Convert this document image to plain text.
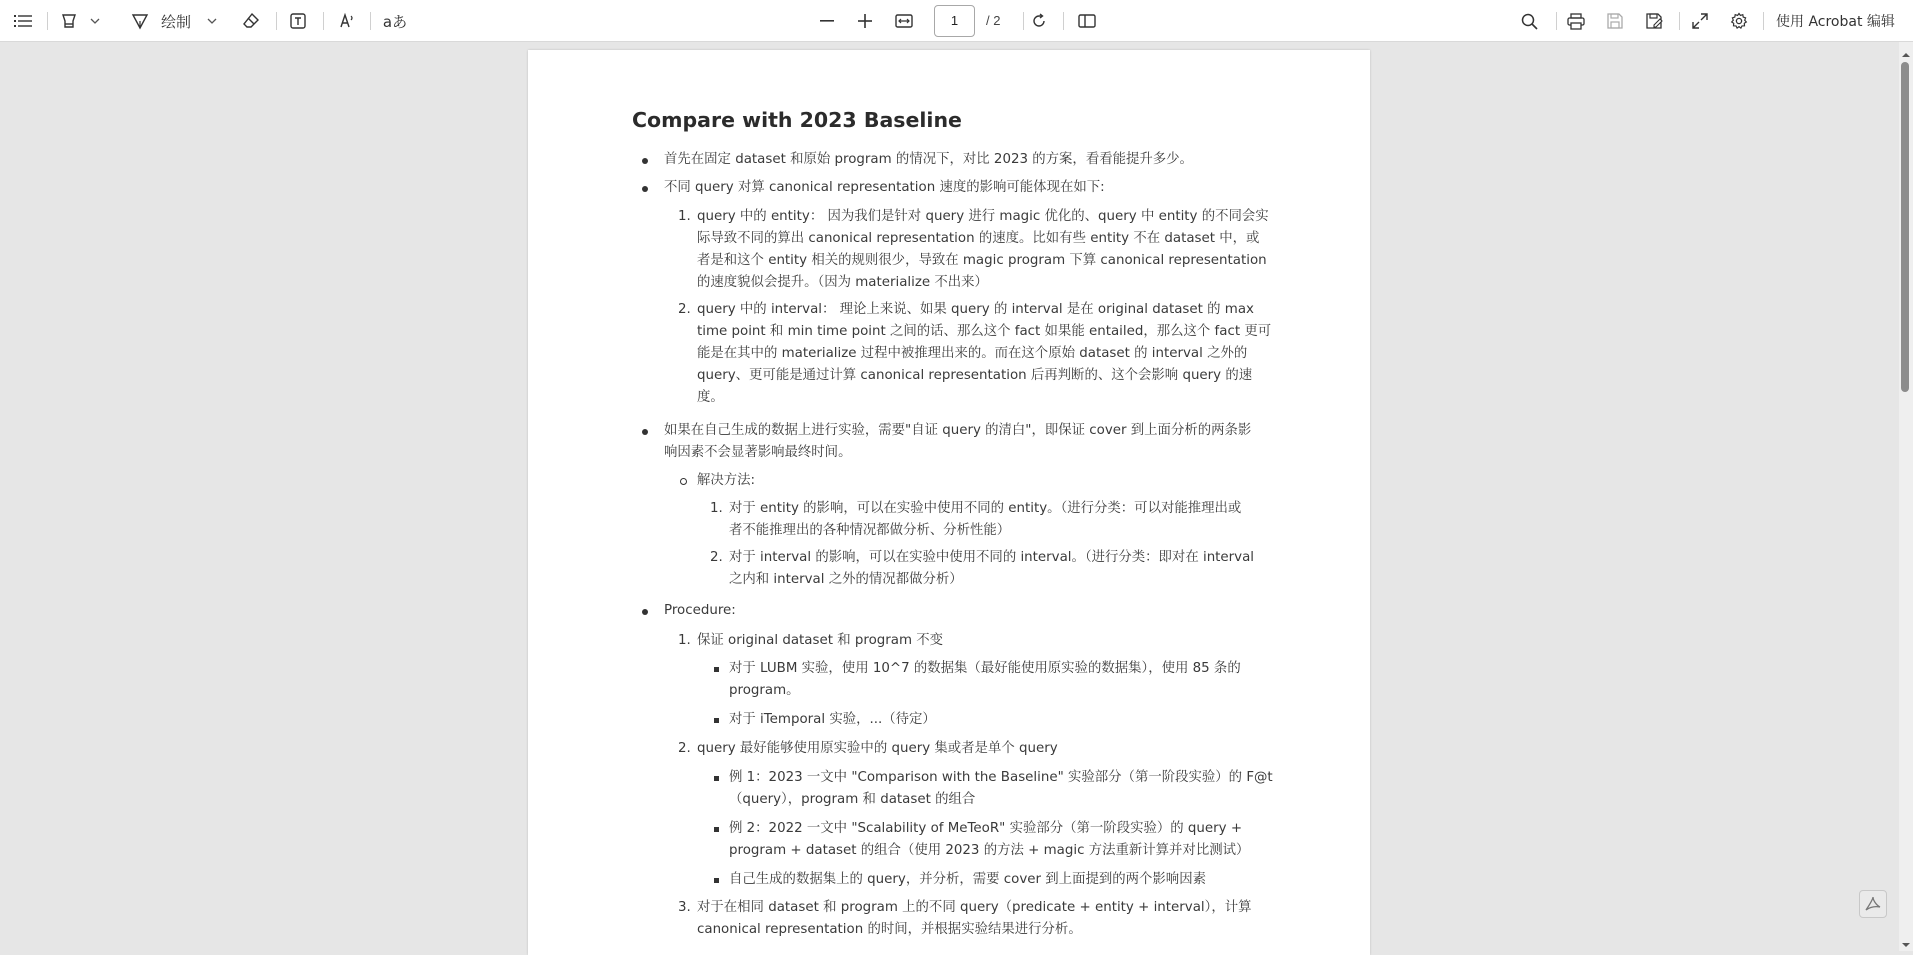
绘制	aあ	1	/ 2	使用 Acrobat 编辑
Compare with 2023 Baseline
首先在固定 dataset 和原始 program 的情况下，对比 2023 的方案，看看能提升多少。
不同 query 对算 canonical representation 速度的影响可能体现在如下:
1. query 中的 entity： 因为我们是针对 query 进行 magic 优化的、query 中 entity 的不同会实
际导致不同的算出 canonical representation 的速度。比如有些 entity 不在 dataset 中，或
者是和这个 entity 相关的规则很少，导致在 magic program 下算 canonical representation
的速度貌似会提升。（因为 materialize 不出来）
2. query 中的 interval： 理论上来说、如果 query 的 interval 是在 original dataset 的 max
time point 和 min time point 之间的话、那么这个 fact 如果能 entailed，那么这个 fact 更可
能是在其中的 materialize 过程中被推理出来的。而在这个原始 dataset 的 interval 之外的
query、更可能是通过计算 canonical representation 后再判断的、这个会影响 query 的速
度。
如果在自己生成的数据上进行实验，需要"自证 query 的清白"，即保证 cover 到上面分析的两条影
响因素不会显著影响最终时间。
解决方法:
1. 对于 entity 的影响，可以在实验中使用不同的 entity。（进行分类：可以对能推理出或
者不能推理出的各种情况都做分析、分析性能）
2. 对于 interval 的影响，可以在实验中使用不同的 interval。（进行分类：即对在 interval
之内和 interval 之外的情况都做分析）
Procedure:
1. 保证 original dataset 和 program 不变
对于 LUBM 实验，使用 10^7 的数据集（最好能使用原实验的数据集），使用 85 条的
program。
对于 iTemporal 实验，...（待定）
2. query 最好能够使用原实验中的 query 集或者是单个 query
例 1：2023 一文中 "Comparison with the Baseline" 实验部分（第一阶段实验）的 F@t
（query），program 和 dataset 的组合
例 2：2022 一文中 "Scalability of MeTeoR" 实验部分（第一阶段实验）的 query +
program + dataset 的组合（使用 2023 的方法 + magic 方法重新计算并对比测试）
自己生成的数据集上的 query，并分析，需要 cover 到上面提到的两个影响因素
3. 对于在相同 dataset 和 program 上的不同 query（predicate + entity + interval），计算
canonical representation 的时间，并根据实验结果进行分析。
